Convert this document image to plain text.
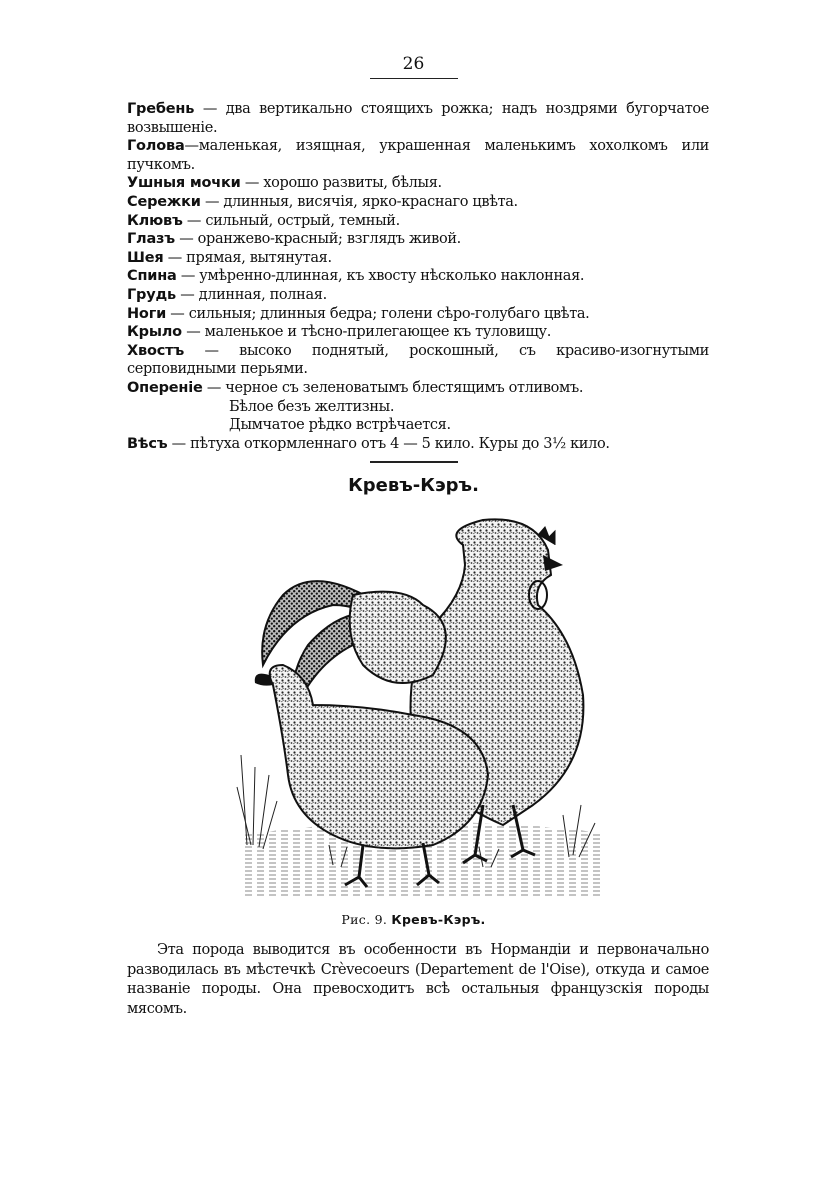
26

Гребень — два вертикально стоящихъ рожка; надъ ноздрями бугорчатое возвышеніе.

Голова—маленькая, изящная, украшенная маленькимъ хохолкомъ или пучкомъ.

Ушныя мочки — хорошо развиты, бѣлыя.

Сережки — длинныя, висячія, ярко-краснаго цвѣта.

Клювъ — сильный, острый, темный.

Глазъ — оранжево-красный; взглядъ живой.

Шея — прямая, вытянутая.

Спина — умѣренно-длинная, къ хвосту нѣсколько наклонная.

Грудь — длинная, полная.

Ноги — сильныя; длинныя бедра; голени сѣро-голубаго цвѣта.

Крыло — маленькое и тѣсно-прилегающее къ туловищу.

Хвостъ — высоко поднятый, роскошный, съ красиво-изогнутыми серповидными перьями.

Опереніе — черное съ зеленоватымъ блестящимъ отливомъ.

Бѣлое безъ желтизны.

Дымчатое рѣдко встрѣчается.

Вѣсъ — пѣтуха откормленнаго отъ 4 — 5 кило. Куры до 3½ кило.

Кревъ-Кэръ.
Рис. 9. Кревъ-Кэръ.

Эта порода выводится въ особенности въ Нормандіи и первоначально разводилась въ мѣстечкѣ Crèvecoeurs (Departement de l'Oise), откуда и самое названіе породы. Она превосходитъ всѣ остальныя французскія породы мясомъ.
